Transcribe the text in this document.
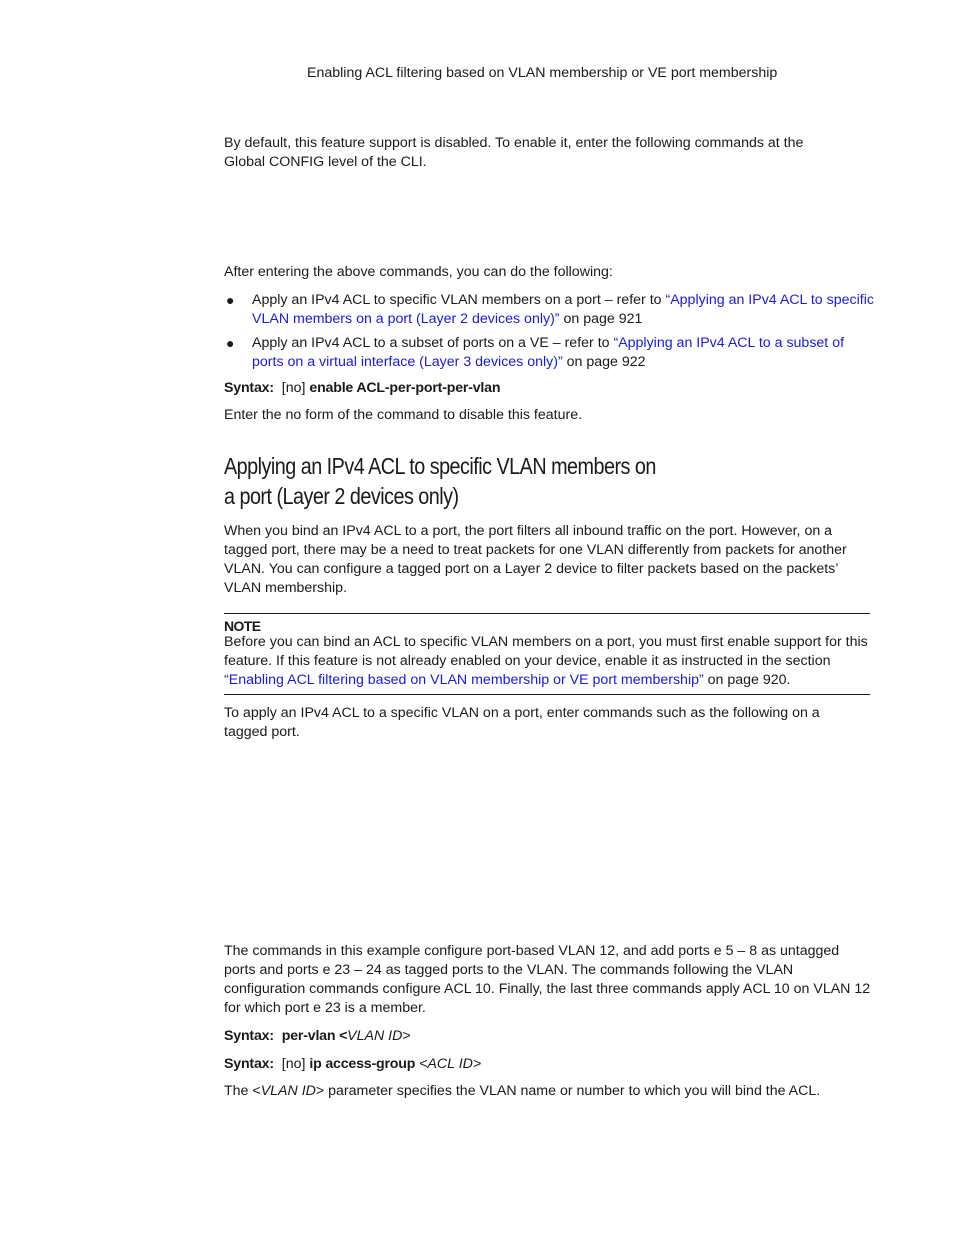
Enabling ACL filtering based on VLAN membership or VE port membership
By default, this feature support is disabled. To enable it, enter the following commands at the
Global CONFIG level of the CLI.
After entering the above commands, you can do the following:
● Apply an IPv4 ACL to specific VLAN members on a port – refer to “Applying an IPv4 ACL to specific VLAN members on a port (Layer 2 devices only)” on page 921
● Apply an IPv4 ACL to a subset of ports on a VE – refer to “Applying an IPv4 ACL to a subset of ports on a virtual interface (Layer 3 devices only)” on page 922
Syntax: [no] enable ACL-per-port-per-vlan
Enter the no form of the command to disable this feature.
Applying an IPv4 ACL to specific VLAN members on
a port (Layer 2 devices only)
When you bind an IPv4 ACL to a port, the port filters all inbound traffic on the port. However, on a tagged port, there may be a need to treat packets for one VLAN differently from packets for another VLAN. You can configure a tagged port on a Layer 2 device to filter packets based on the packets’ VLAN membership.
NOTE
Before you can bind an ACL to specific VLAN members on a port, you must first enable support for this feature. If this feature is not already enabled on your device, enable it as instructed in the section “Enabling ACL filtering based on VLAN membership or VE port membership” on page 920.
To apply an IPv4 ACL to a specific VLAN on a port, enter commands such as the following on a tagged port.
The commands in this example configure port-based VLAN 12, and add ports e 5 – 8 as untagged ports and ports e 23 – 24 as tagged ports to the VLAN. The commands following the VLAN configuration commands configure ACL 10. Finally, the last three commands apply ACL 10 on VLAN 12 for which port e 23 is a member.
Syntax: per-vlan <VLAN ID>
Syntax: [no] ip access-group <ACL ID>
The <VLAN ID> parameter specifies the VLAN name or number to which you will bind the ACL.
